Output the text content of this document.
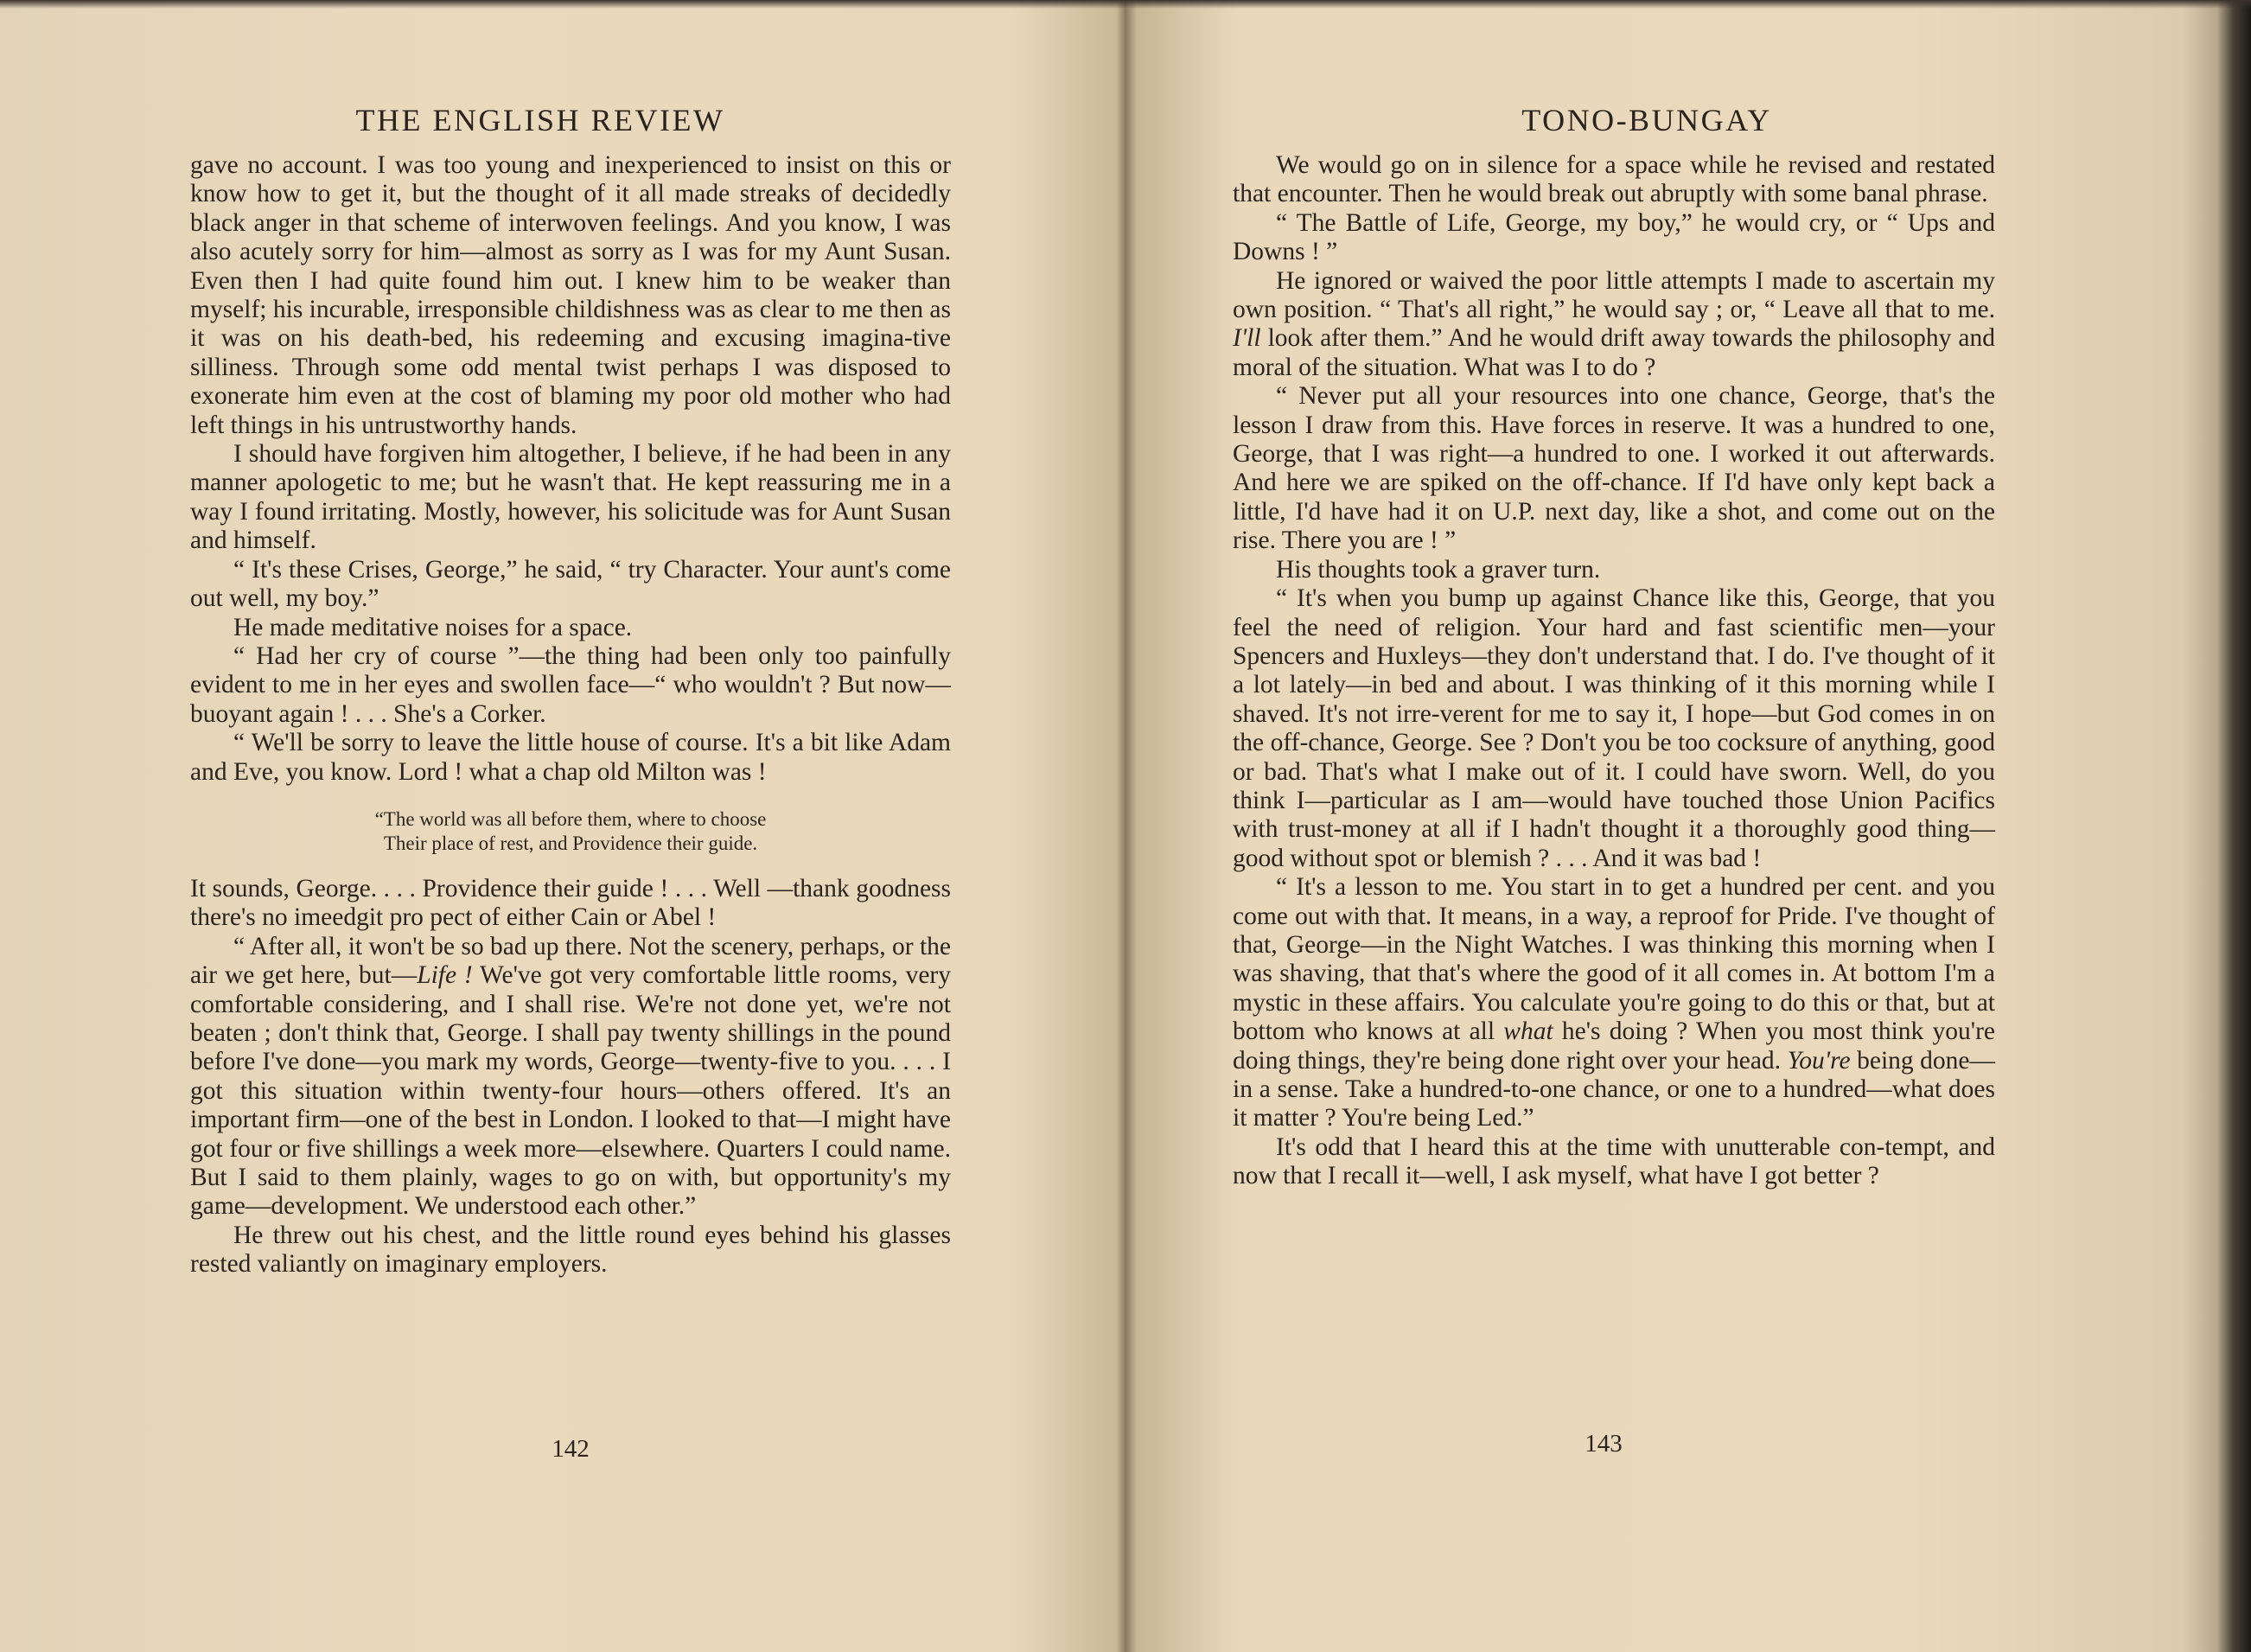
THE ENGLISH REVIEW

gave no account. I was too young and inexperienced to insist on this or know how to get it, but the thought of it all made streaks of decidedly black anger in that scheme of interwoven feelings. And you know, I was also acutely sorry for him—almost as sorry as I was for my Aunt Susan. Even then I had quite found him out. I knew him to be weaker than myself; his incurable, irresponsible childishness was as clear to me then as it was on his death-bed, his redeeming and excusing imagina-tive silliness. Through some odd mental twist perhaps I was disposed to exonerate him even at the cost of blaming my poor old mother who had left things in his untrustworthy hands.

I should have forgiven him altogether, I believe, if he had been in any manner apologetic to me; but he wasn't that. He kept reassuring me in a way I found irritating. Mostly, however, his solicitude was for Aunt Susan and himself.

“ It's these Crises, George,” he said, “ try Character. Your aunt's come out well, my boy.”

He made meditative noises for a space.

“ Had her cry of course ”—the thing had been only too painfully evident to me in her eyes and swollen face—“ who wouldn't ? But now—buoyant again ! . . . She's a Corker.

“ We'll be sorry to leave the little house of course. It's a bit like Adam and Eve, you know. Lord ! what a chap old Milton was !

“The world was all before them, where to choose
Their place of rest, and Providence their guide.

It sounds, George. . . . Providence their guide ! . . . Well —thank goodness there's no imeedgit pro pect of either Cain or Abel !

“ After all, it won't be so bad up there. Not the scenery, perhaps, or the air we get here, but—Life ! We've got very comfortable little rooms, very comfortable considering, and I shall rise. We're not done yet, we're not beaten ; don't think that, George. I shall pay twenty shillings in the pound before I've done—you mark my words, George—twenty-five to you. . . . I got this situation within twenty-four hours—others offered. It's an important firm—one of the best in London. I looked to that—I might have got four or five shillings a week more—elsewhere. Quarters I could name. But I said to them plainly, wages to go on with, but opportunity's my game—development. We understood each other.”

He threw out his chest, and the little round eyes behind his glasses rested valiantly on imaginary employers.

142
TONO-BUNGAY

We would go on in silence for a space while he revised and restated that encounter. Then he would break out abruptly with some banal phrase.

“ The Battle of Life, George, my boy,” he would cry, or “ Ups and Downs ! ”

He ignored or waived the poor little attempts I made to ascertain my own position. “ That's all right,” he would say ; or, “ Leave all that to me. I'll look after them.” And he would drift away towards the philosophy and moral of the situation. What was I to do ?

“ Never put all your resources into one chance, George, that's the lesson I draw from this. Have forces in reserve. It was a hundred to one, George, that I was right—a hundred to one. I worked it out afterwards. And here we are spiked on the off-chance. If I'd have only kept back a little, I'd have had it on U.P. next day, like a shot, and come out on the rise. There you are ! ”

His thoughts took a graver turn.

“ It's when you bump up against Chance like this, George, that you feel the need of religion. Your hard and fast scientific men—your Spencers and Huxleys—they don't understand that. I do. I've thought of it a lot lately—in bed and about. I was thinking of it this morning while I shaved. It's not irre-verent for me to say it, I hope—but God comes in on the off-chance, George. See ? Don't you be too cocksure of anything, good or bad. That's what I make out of it. I could have sworn. Well, do you think I—particular as I am—would have touched those Union Pacifics with trust-money at all if I hadn't thought it a thoroughly good thing—good without spot or blemish ? . . . And it was bad !

“ It's a lesson to me. You start in to get a hundred per cent. and you come out with that. It means, in a way, a reproof for Pride. I've thought of that, George—in the Night Watches. I was thinking this morning when I was shaving, that that's where the good of it all comes in. At bottom I'm a mystic in these affairs. You calculate you're going to do this or that, but at bottom who knows at all what he's doing ? When you most think you're doing things, they're being done right over your head. You're being done—in a sense. Take a hundred-to-one chance, or one to a hundred—what does it matter ? You're being Led.”

It's odd that I heard this at the time with unutterable con-tempt, and now that I recall it—well, I ask myself, what have I got better ?

143
